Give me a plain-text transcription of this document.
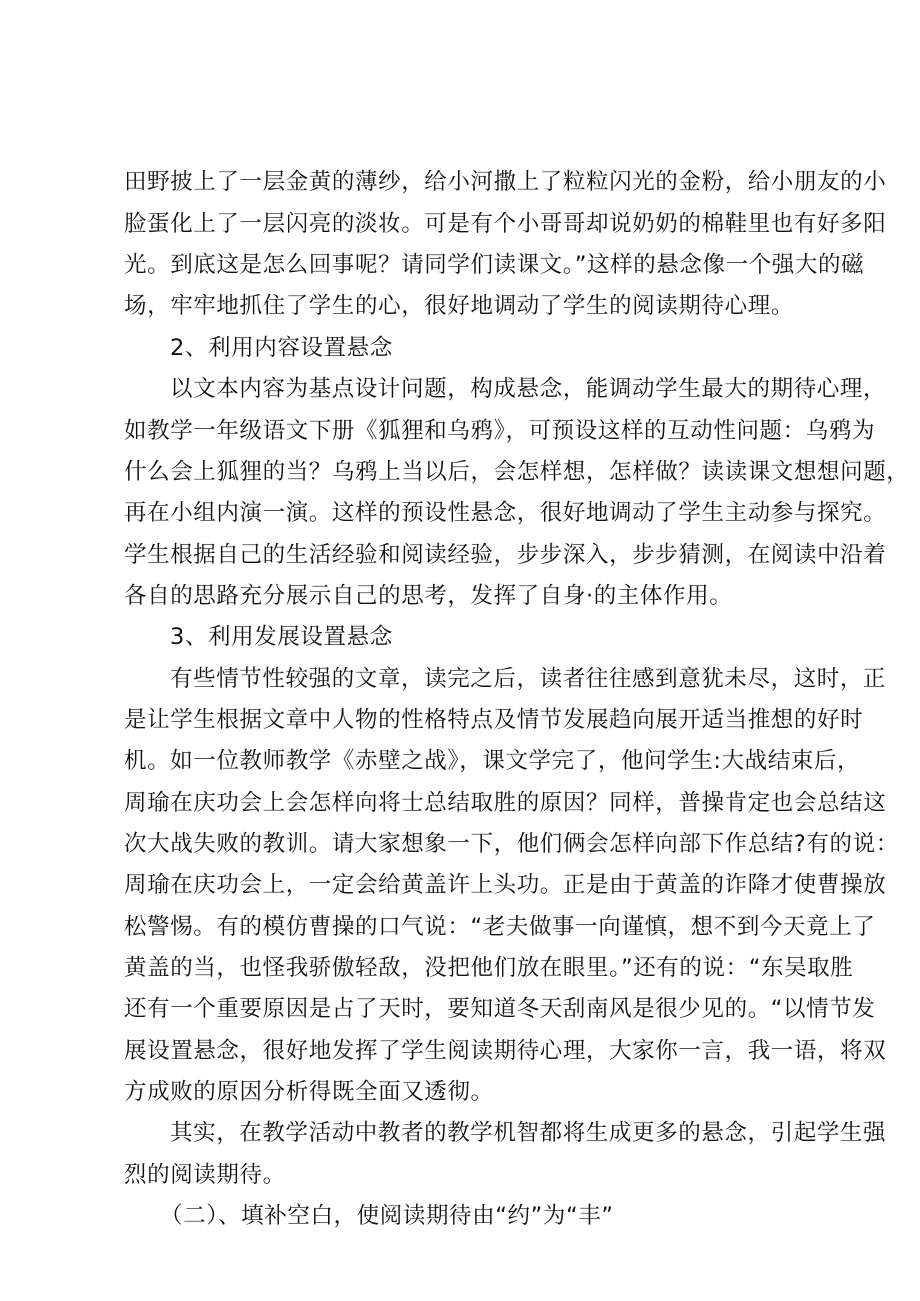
田野披上了一层金黄的薄纱，给小河撒上了粒粒闪光的金粉，给小朋友的小
脸蛋化上了一层闪亮的淡妆。可是有个小哥哥却说奶奶的棉鞋里也有好多阳
光。到底这是怎么回事呢？请同学们读课文。”这样的悬念像一个强大的磁
场，牢牢地抓住了学生的心，很好地调动了学生的阅读期待心理。
2、利用内容设置悬念
以文本内容为基点设计问题，构成悬念，能调动学生最大的期待心理，
如教学一年级语文下册《狐狸和乌鸦》，可预设这样的互动性问题：乌鸦为
什么会上狐狸的当？乌鸦上当以后，会怎样想，怎样做？读读课文想想问题，
再在小组内演一演。这样的预设性悬念，很好地调动了学生主动参与探究。
学生根据自己的生活经验和阅读经验，步步深入，步步猜测，在阅读中沿着
各自的思路充分展示自己的思考，发挥了自身·的主体作用。
3、利用发展设置悬念
有些情节性较强的文章，读完之后，读者往往感到意犹未尽，这时，正
是让学生根据文章中人物的性格特点及情节发展趋向展开适当推想的好时
机。如一位教师教学《赤壁之战》，课文学完了，他问学生:大战结束后，
周瑜在庆功会上会怎样向将士总结取胜的原因？同样，普操肯定也会总结这
次大战失败的教训。请大家想象一下，他们俩会怎样向部下作总结?有的说：
周瑜在庆功会上，一定会给黄盖许上头功。正是由于黄盖的诈降才使曹操放
松警惕。有的模仿曹操的口气说：“老夫做事一向谨慎，想不到今天竟上了
黄盖的当，也怪我骄傲轻敌，没把他们放在眼里。”还有的说：“东吴取胜
还有一个重要原因是占了天时，要知道冬天刮南风是很少见的。“以情节发
展设置悬念，很好地发挥了学生阅读期待心理，大家你一言，我一语，将双
方成败的原因分析得既全面又透彻。
其实，在教学活动中教者的教学机智都将生成更多的悬念，引起学生强
烈的阅读期待。
（二）、填补空白，使阅读期待由“约”为“丰”
